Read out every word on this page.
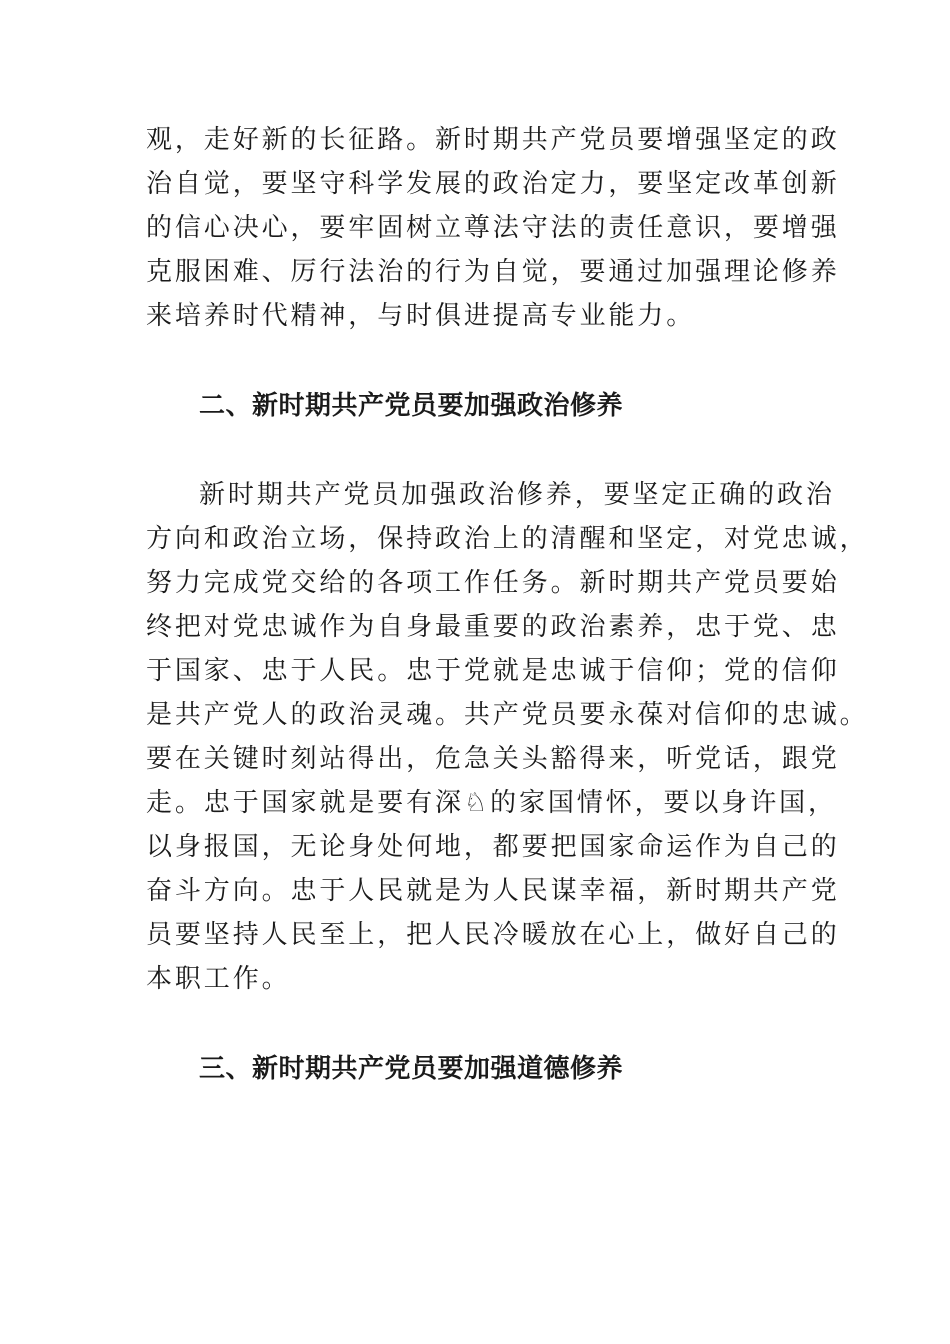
观，走好新的长征路。新时期共产党员要增强坚定的政
治自觉，要坚守科学发展的政治定力，要坚定改革创新
的信心决心，要牢固树立尊法守法的责任意识，要增强
克服困难、厉行法治的行为自觉，要通过加强理论修养
来培养时代精神，与时俱进提高专业能力。
二、新时期共产党员要加强政治修养
新时期共产党员加强政治修养，要坚定正确的政治
方向和政治立场，保持政治上的清醒和坚定，对党忠诚，
努力完成党交给的各项工作任务。新时期共产党员要始
终把对党忠诚作为自身最重要的政治素养，忠于党、忠
于国家、忠于人民。忠于党就是忠诚于信仰；党的信仰
是共产党人的政治灵魂。共产党员要永葆对信仰的忠诚。
要在关键时刻站得出，危急关头豁得来，听党话，跟党
走。忠于国家就是要有深♘的家国情怀，要以身许国，
以身报国，无论身处何地，都要把国家命运作为自己的
奋斗方向。忠于人民就是为人民谋幸福，新时期共产党
员要坚持人民至上，把人民冷暖放在心上，做好自己的
本职工作。
三、新时期共产党员要加强道德修养
